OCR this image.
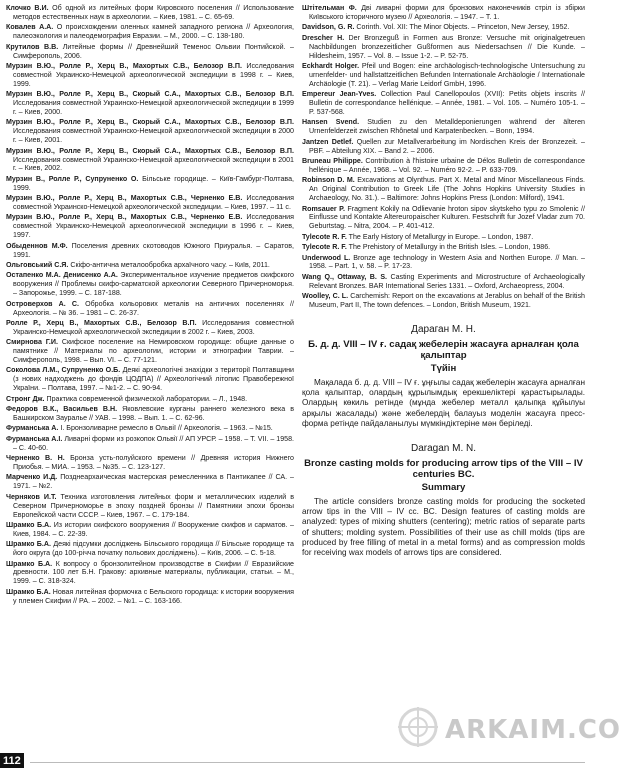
Клочко В.И. Об одной из литейных форм Кировского поселения // Использование методов естественных наук в археологии. – Киев, 1981. – С. 65-69.

Ковалев А.А. О происхождении оленных камней западного региона // Археология, палеоэкология и палеодемография Евразии. – М., 2000. – С. 138-180.

Крутилов В.В. Литейные формы // Древнейший Теменос Ольвии Понтийской. – Симферополь, 2006.

Мурзин В.Ю., Ролле Р., Херц В., Махортых С.В., Белозор В.П. Исследования совместной Украинско-Немецкой археологической экспедиции в 1998 г. – Киев, 1999.

Мурзин В.Ю., Ролле Р., Херц В., Скорый С.А., Махортых С.В., Белозор В.П. Исследования совместной Украинско-Немецкой археологической экспедиции в 1999 г. – Киев, 2000.

Мурзин В.Ю., Ролле Р., Херц В., Скорый С.А., Махортых С.В., Белозор В.П. Исследования совместной Украинско-Немецкой археологической экспедиции в 2000 г. – Киев, 2001.

Мурзин В.Ю., Ролле Р., Херц В., Скорый С.А., Махортых С.В., Белозор В.П. Исследования совместной Украинско-Немецкой археологической экспедиции в 2001 г. – Киев, 2002.

Мурзин В., Ролле Р., Супруненко О. Більське городище. – Київ-Гамбург-Полтава, 1999.

Мурзин В.Ю., Ролле Р., Херц В., Махортых С.В., Черненко Е.В. Исследования совместной Украинско-Немецкой археологической экспедиции. – Киев, 1997. – 11 с.

Мурзин В.Ю., Ролле Р., Херц В., Махортых С.В., Черненко Е.В. Исследования совместной Украинско-Немецкой археологической экспедиции в 1996 г. – Киев, 1997.

Обыденнов М.Ф. Поселения древних скотоводов Южного Приуралья. – Саратов, 1991.

Ольговський С.Я. Скіфо-антична металообробка архаїчного часу. – Київ, 2011.

Остапенко М.А. Денисенко А.А. Экспериментальное изучение предметов скифского вооружения // Проблемы скифо-сарматской археологии Северного Причерноморья. – Запорожье, 1999. – С. 187-188.

Островерхов А. С. Обробка кольорових металів на античних поселеннях // Археологія. – № 36. – 1981 – С. 26-37.

Ролле Р., Херц В., Махортых С.В., Белозор В.П. Исследования совместной Украинско-Немецкой археологической экспедиции в 2002 г. – Киев, 2003.

Смирнова Г.И. Скифское поселение на Немировском городище: общие данные о памятнике // Материалы по археологии, истории и этнографии Таврии. – Симферополь, 1998. – Вып. VI. – С. 77-121.

Соколова Л.М., Супруненко О.Б. Деякі археологічні знахідки з території Полтавщини (з нових надходжень до фондів ЦОДПА) // Археологічний літопис Правобережної України. – Полтава, 1997. – №1-2. – С. 90-94.

Стронг Дж. Практика современной физической лаборатории. – Л., 1948.

Федоров В.К., Васильев В.Н. Яковлевские курганы раннего железного века в Башкирском Зауралье // УАВ. – 1998. – Вып. 1. – С. 62-96.

Фурманська А. І. Бронзоливарне ремесло в Ольвії // Археологія. – 1963. – №15.

Фурманська А.І. Ливарні форми из розкопок Ольвії // АП УРСР. – 1958. – Т. VII. – 1958. – С. 40-60.

Черненко В. Н. Бронза усть-полуйского времени // Древняя история Нижнего Приобья. – МИА. – 1953. – №35. – С. 123-127.

Марченко И.Д. Позднеархаическая мастерская ремесленника в Пантикапее // СА. – 1971. – №2.

Черняков И.Т. Техника изготовления литейных форм и металлических изделий в Северном Причерноморье в эпоху поздней бронзы // Памятники эпохи бронзы Европейской части СССР. – Киев, 1967. – С. 179-184.

Шрамко Б.А. Из истории скифского вооружения // Вооружение скифов и сарматов. – Киев, 1984. – С. 22-39.

Шрамко Б.А. Деякі підсумки досліджень Більського городища // Більське городище та його округа (до 100-річча початку польових досліджень). – Київ, 2006. – С. 5-18.

Шрамко Б.А. К вопросу о бронзолитейном производстве в Скифии // Евразийские древности. 100 лет Б.Н. Гракову: архивные материалы, публикации, статьи. – М., 1999. – С. 318-324.

Шрамко Б.А. Новая литейная формочка с Бельского городища: к истории вооружения у племен Скифии // РА. – 2002. – №1. – С. 163-166.

Штітельман Ф. Дві ливарні форми для бронзових наконечників стріл із збірки Київського історичного музею // Археологія. – 1947. – Т. 1.

Davidson, G. R. Corinth. Vol. XII: The Minor Objects. – Princeton, New Jersey, 1952.

Drescher H. Der Bronzeguß in Formen aus Bronze: Versuche mit originalgetreuen Nachbildungen bronzezeitlicher Gußformen aus Niedersachsen // Die Kunde. – Hildesheim, 1957. – Vol. 8. – Issue 1-2. – P. 52-75.

Eckhardt Holger. Pfeil und Bogen: eine archäologisch-technologische Untersuchung zu urnenfelder- und hallstattzeitlichen Befunden Internationale Archäologie / Internationale Archäologie (T. 21). – Verlag Marie Leidorf GmbH, 1996.

Empereur Jean-Yves. Collection Paul Canellopoulos (XVII): Petits objets inscrits // Bulletin de correspondance hellénique. – Année, 1981. – Vol. 105. – Numéro 105-1. – P. 537-568.

Hansen Svend. Studien zu den Metalldeponierungen während der älteren Urnenfelderzeit zwischen Rhônetal und Karpatenbecken. – Bonn, 1994.

Jantzen Detlef. Quellen zur Metallverarbeitung im Nordischen Kreis der Bronzezeit. – PBF. – Abteilung XIX. – Band 2. – 2006.

Bruneau Philippe. Contribution à l'histoire urbaine de Délos Bulletin de correspondance hellénique – Année, 1968. – Vol. 92. – Numéro 92-2. – P. 633-709.

Robinson D. M. Excavations at Olynthus. Part X. Metal and Minor Miscellaneous Finds. An Original Contribution to Greek Life (The Johns Hopkins University Studies in Archaeology, No. 31.). – Baltimore: Johns Hopkins Press (London: Milford), 1941.

Romsauer P. Fragment Kokily na Odlievanie hroton sipov skytskeho typu zo Smolenic // Einflusse und Kontakte Altereuropaischer Kulturen. Festschrift fur Jozef Vladar zum 70. Geburtstag. – Nitra, 2004. – P. 401-412.

Tylecote R. F. The Early History of Metallurgy in Europe. – London, 1987.

Tylecote R. F. The Prehistory of Metallurgy in the British Isles. – London, 1986.

Underwood L. Bronze age technology in Western Asia and Northen Europe. // Man. – 1958. – Part. 1, v. 58. – P. 17-23.

Wang Q., Ottaway, B. S. Casting Experiments and Microstructure of Archaeologically Relevant Bronzes. BAR International Series 1331. – Oxford, Archaeopress, 2004.

Woolley, C. L. Carchemish: Report on the excavations at Jerablus on behalf of the British Museum, Part II, The town defences. – London, British Museum, 1921.

Дараган М. Н.
Б. д. д. VIII – IV ғ. садақ жебелерін жасауға арналған қола қалыптар
Түйін

Мақалада б. д. д. VIII – IV ғ. ұңғылы садақ жебелерін жасауға арналған қола қалыптар, олардың құрылымдық ерекшеліктері қарастырылады. Олардың көкиль ретінде (мұнда жебелер металл қалыпқа құйылуы арқылы жасалады) және жебелердің балауыз моделін жасауға пресс-форма ретінде пайдаланылуы мүмкіндіктеріне мән беріледі.

Daragan M. N.
Bronze casting molds for producing arrow tips of the VIII – IV centuries BC.
Summary

The article considers bronze casting molds for producing the socketed arrow tips in the VIII – IV cc. BC. Design features of casting molds are analyzed: types of mixing shutters (centering); metric ratios of separate parts of shutters; molding system. Possibilities of their use as chill molds (tips are produced by free filling of metal in a metal forms) and as compression molds for receiving wax models of arrows tips are considered.

112
ARKAIM.CO
